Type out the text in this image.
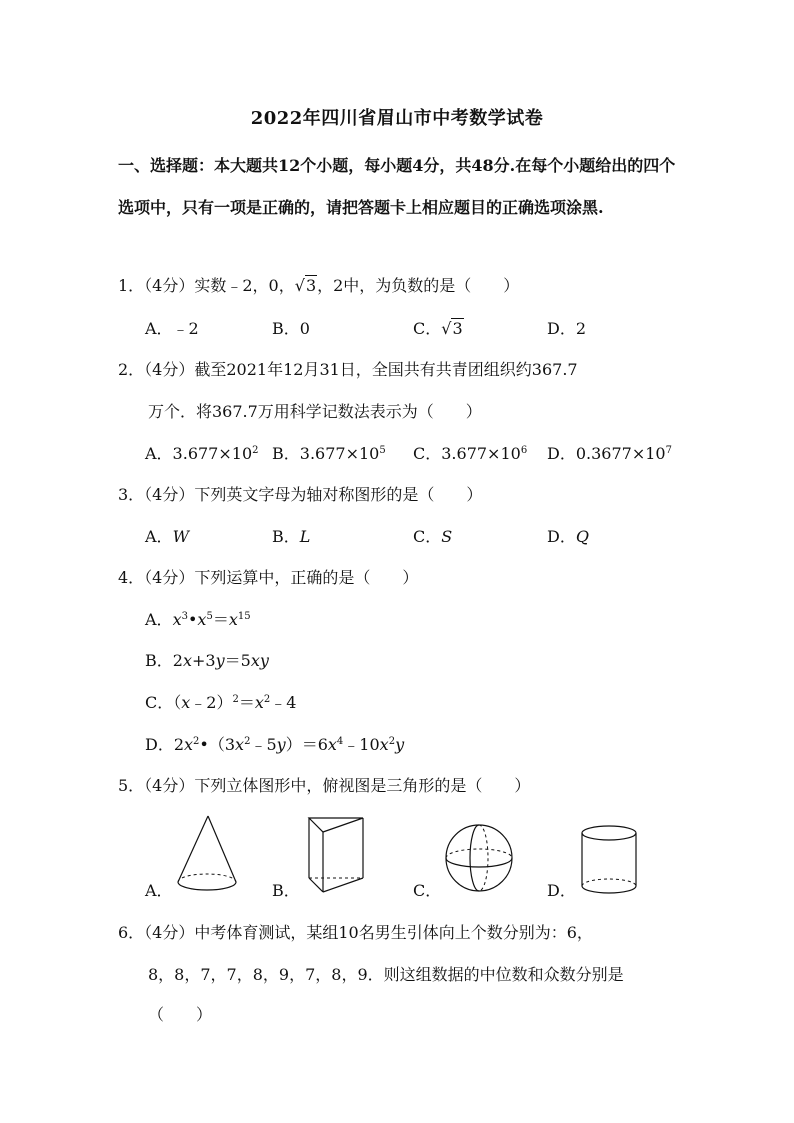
2022年四川省眉山市中考数学试卷
一、选择题：本大题共12个小题，每小题4分，共48分.在每个小题给出的四个选项中，只有一项是正确的，请把答题卡上相应题目的正确选项涂黑.
1．（4分）实数﹣2，0，√3，2中，为负数的是（　　）
A．﹣2	B．0	C．√3	D．2
2．（4分）截至2021年12月31日，全国共有共青团组织约367.7
万个．将367.7万用科学记数法表示为（　　）
A．$3.677\times 10^2$ B．$3.677\times 10^5$ C．$3.677\times 10^6$ D．$0.3677\times 10^7$
3．（4分）下列英文字母为轴对称图形的是（　　）
A．W	B．L	C．S	D．Q
4．（4分）下列运算中，正确的是（　　）
A．$x^3•x^5=x^{15}$
B．2x+3y＝5xy
C．$(x﹣2)^2=x^2﹣4$
D．$2x^2•(3x^2﹣5y)=6x^4﹣10x^2y$
5．（4分）下列立体图形中，俯视图是三角形的是（　　）
A．	B．	C．	D．
6．（4分）中考体育测试，某组10名男生引体向上个数分别为：6，
8，8，7，7，8，9，7，8，9．则这组数据的中位数和众数分别是
（　　）
